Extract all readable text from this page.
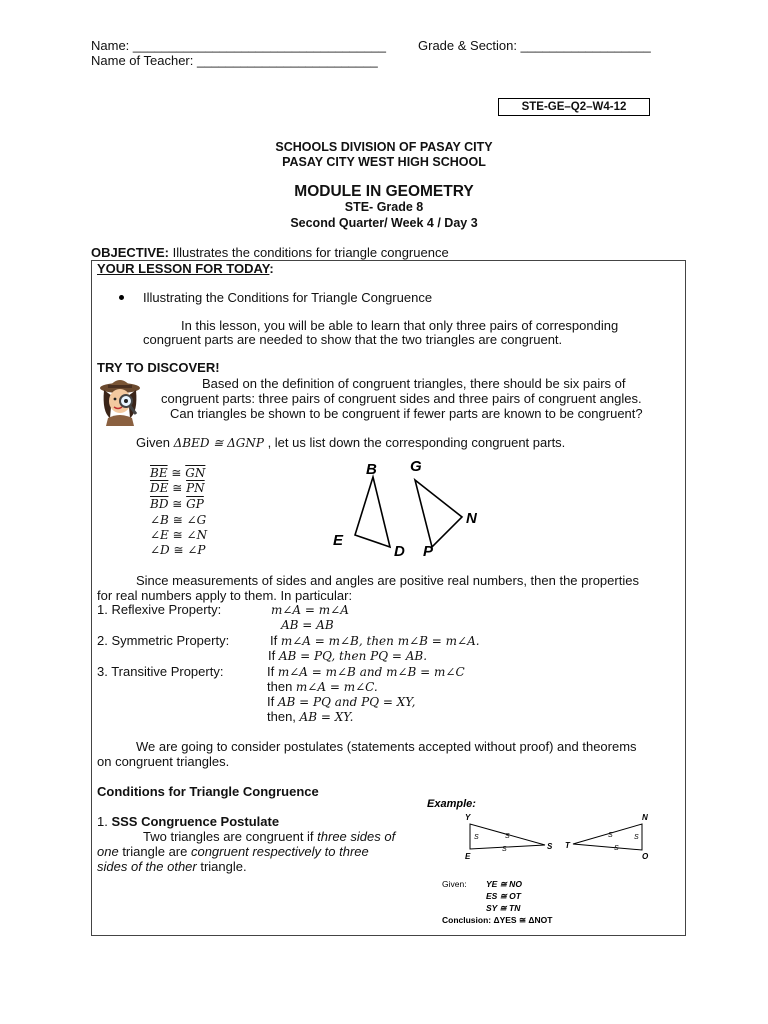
Name: ___________________________________ Grade & Section: __________________
Name of Teacher: _________________________
STE-GE–Q2–W4-12
SCHOOLS DIVISION OF PASAY CITY
PASAY CITY WEST HIGH SCHOOL
MODULE IN GEOMETRY
STE- Grade 8
Second Quarter/ Week 4 / Day 3
OBJECTIVE: Illustrates the conditions for triangle congruence
YOUR LESSON FOR TODAY:
Illustrating the Conditions for Triangle Congruence
In this lesson, you will be able to learn that only three pairs of corresponding
congruent parts are needed to show that the two triangles are congruent.
TRY TO DISCOVER!
Based on the definition of congruent triangles, there should be six pairs of
congruent parts: three pairs of congruent sides and three pairs of congruent angles.
Can triangles be shown to be congruent if fewer parts are known to be congruent?
Given ΔBED ≅ ΔGNP , let us list down the corresponding congruent parts.
$\overline{BE}$ ≅ $\overline{GN}$
$\overline{DE}$ ≅ $\overline{PN}$
$\overline{BD}$ ≅ $\overline{GP}$
∠B ≅ ∠G
∠E ≅ ∠N
∠D ≅ ∠P
B G
N
E
D P
Since measurements of sides and angles are positive real numbers, then the properties
for real numbers apply to them. In particular:
1. Reflexive Property:	m∠A = m∠A
AB = AB
2. Symmetric Property:	If m∠A = m∠B, then m∠B = m∠A.
If AB = PQ, then PQ = AB.
3. Transitive Property:	If m∠A = m∠B and m∠B = m∠C
then m∠A = m∠C.
If AB = PQ and PQ = XY,
then, AB = XY.
We are going to consider postulates (statements accepted without proof) and theorems
on congruent triangles.
Conditions for Triangle Congruence
1. SSS Congruence Postulate
Two triangles are congruent if three sides of
one triangle are congruent respectively to three
sides of the other triangle.
Example:
Y
E
S
S	S
S
N
O
T
S
S
S
Given: YE ≅ NO
ES ≅ OT
SY ≅ TN
Conclusion: ΔYES ≅ ΔNOT
